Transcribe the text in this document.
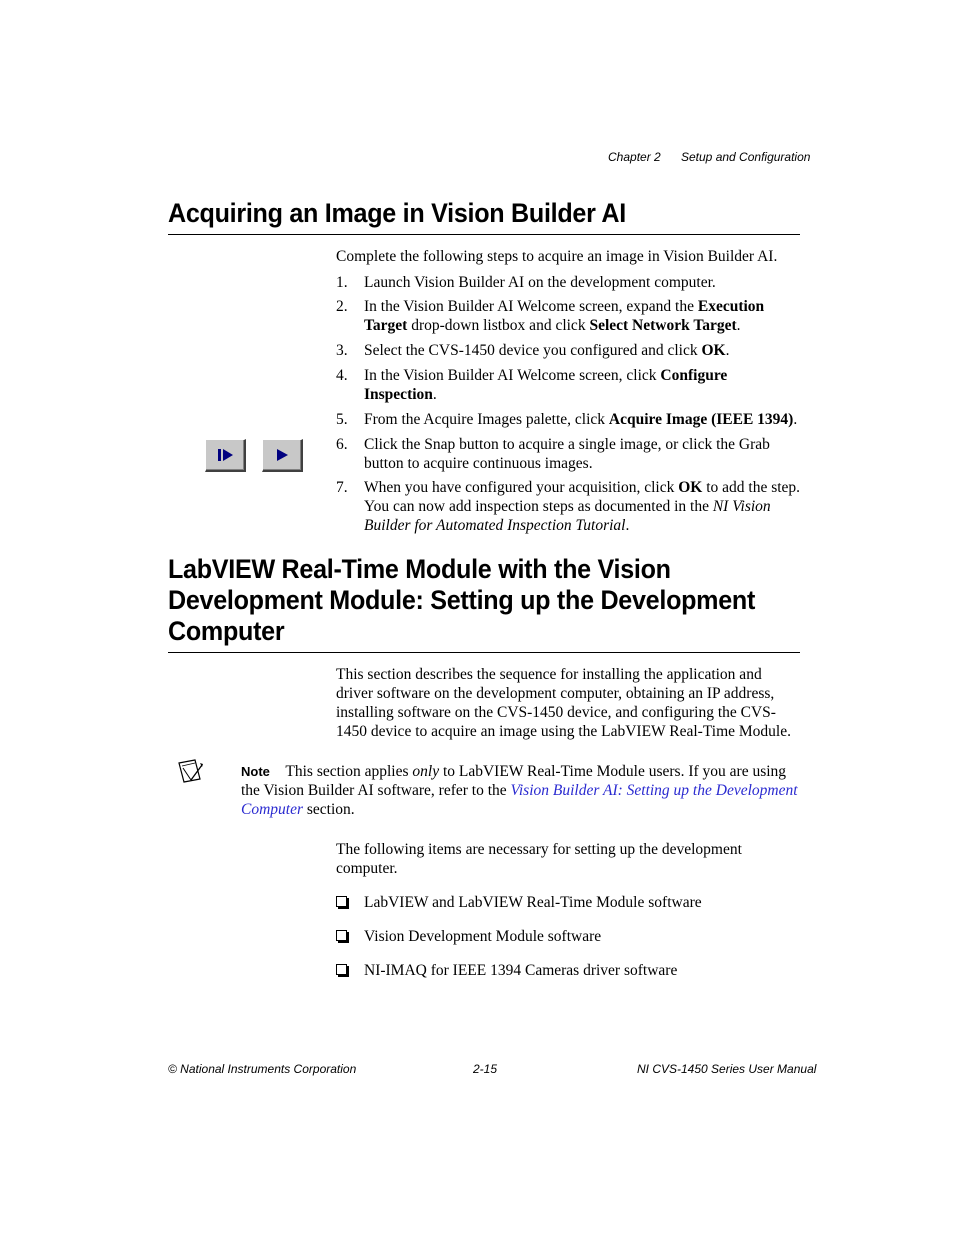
Chapter 2 Setup and Configuration
Acquiring an Image in Vision Builder AI
Complete the following steps to acquire an image in Vision Builder AI.
1. Launch Vision Builder AI on the development computer.
2. In the Vision Builder AI Welcome screen, expand the Execution Target drop-down listbox and click Select Network Target.
3. Select the CVS-1450 device you configured and click OK.
4. In the Vision Builder AI Welcome screen, click Configure Inspection.
5. From the Acquire Images palette, click Acquire Image (IEEE 1394).
6. Click the Snap button to acquire a single image, or click the Grab button to acquire continuous images.
7. When you have configured your acquisition, click OK to add the step. You can now add inspection steps as documented in the NI Vision Builder for Automated Inspection Tutorial.
LabVIEW Real-Time Module with the Vision
Development Module: Setting up the Development
Computer
This section describes the sequence for installing the application and driver software on the development computer, obtaining an IP address, installing software on the CVS-1450 device, and configuring the CVS-1450 device to acquire an image using the LabVIEW Real-Time Module.
Note This section applies only to LabVIEW Real-Time Module users. If you are using the Vision Builder AI software, refer to the Vision Builder AI: Setting up the Development Computer section.
The following items are necessary for setting up the development computer.
LabVIEW and LabVIEW Real-Time Module software
Vision Development Module software
NI-IMAQ for IEEE 1394 Cameras driver software
© National Instruments Corporation	2-15	NI CVS-1450 Series User Manual
